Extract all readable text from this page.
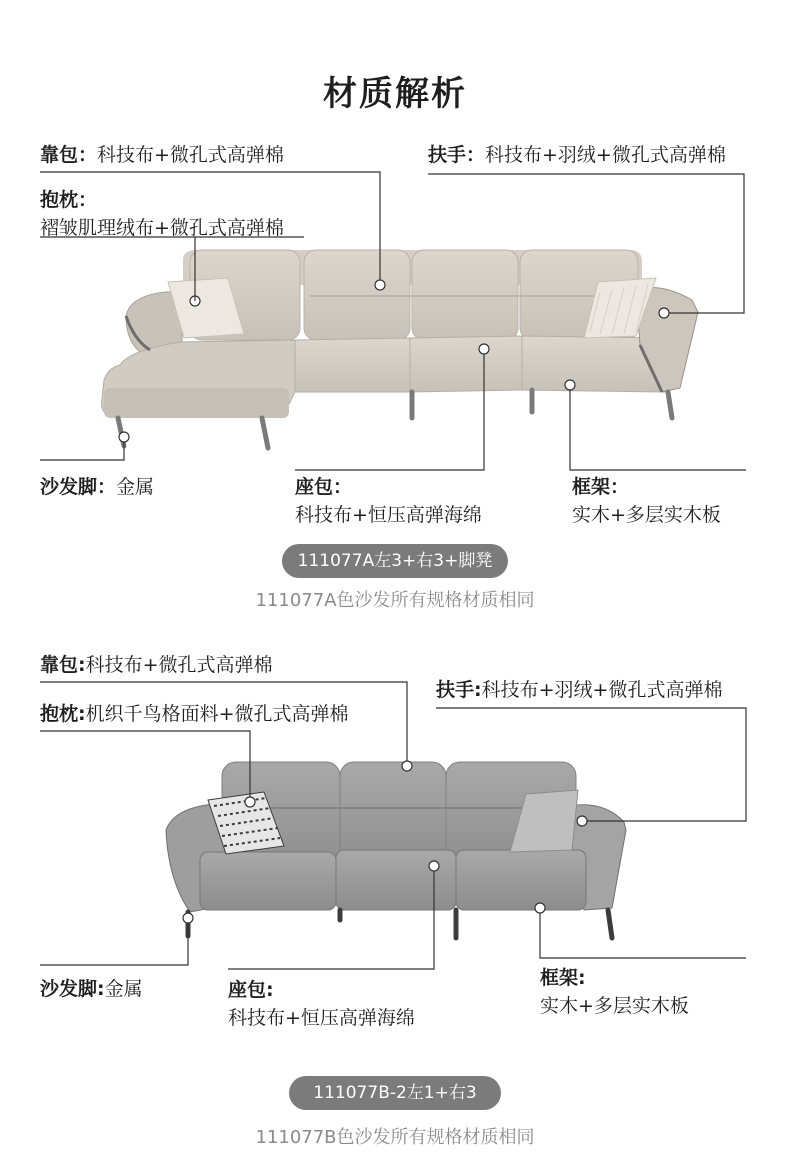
材质解析
靠包：科技布+微孔式高弹棉	扶手：科技布+羽绒+微孔式高弹棉
抱枕：
褶皱肌理绒布+微孔式高弹棉
沙发脚：金属	座包：
科技布+恒压高弹海绵
框架：
实木+多层实木板
111077A左3+右3+脚凳
111077A色沙发所有规格材质相同
靠包:科技布+微孔式高弹棉
抱枕:机织千鸟格面料+微孔式高弹棉
扶手:科技布+羽绒+微孔式高弹棉
沙发脚:金属	座包:
科技布+恒压高弹海绵
框架:
实木+多层实木板
111077B-2左1+右3
111077B色沙发所有规格材质相同
